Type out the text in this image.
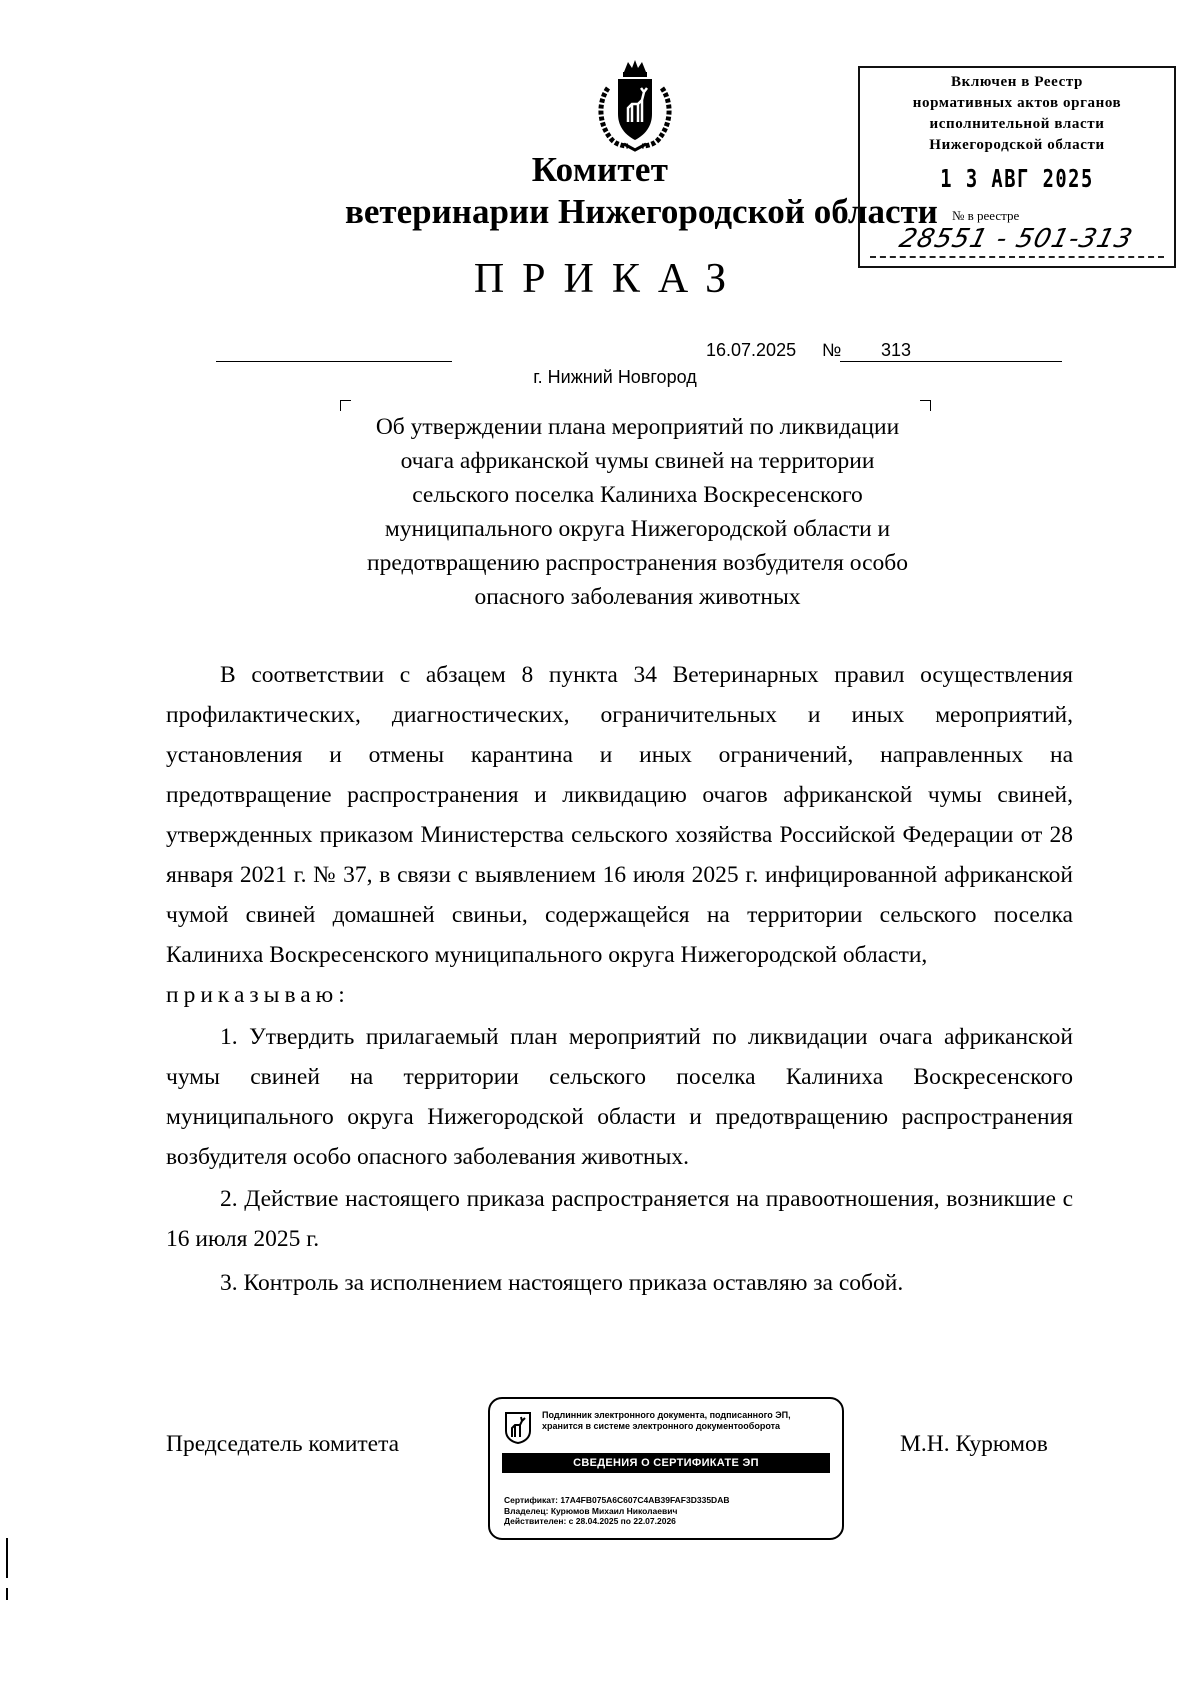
Комитет
ветеринарии Нижегородской области
ПРИКАЗ
Включен в Реестр
нормативных актов органов
исполнительной власти
Нижегородской области
1 3 АВГ 2025
№ в реестре
28551 - 501-313
16.07.2025 № 313
г. Нижний Новгород
Об утверждении плана мероприятий по ликвидации очага африканской чумы свиней на территории сельского поселка Калиниха Воскресенского муниципального округа Нижегородской области и предотвращению распространения возбудителя особо опасного заболевания животных

В соответствии с абзацем 8 пункта 34 Ветеринарных правил осуществления профилактических, диагностических, ограничительных и иных мероприятий, установления и отмены карантина и иных ограничений, направленных на предотвращение распространения и ликвидацию очагов африканской чумы свиней, утвержденных приказом Министерства сельского хозяйства Российской Федерации от 28 января 2021 г. № 37, в связи с выявлением 16 июля 2025 г. инфицированной африканской чумой свиней домашней свиньи, содержащейся на территории сельского поселка Калиниха Воскресенского муниципального округа Нижегородской области,

приказываю:

1. Утвердить прилагаемый план мероприятий по ликвидации очага африканской чумы свиней на территории сельского поселка Калиниха Воскресенского муниципального округа Нижегородской области и предотвращению распространения возбудителя особо опасного заболевания животных.

2. Действие настоящего приказа распространяется на правоотношения, возникшие с 16 июля 2025 г.

3. Контроль за исполнением настоящего приказа оставляю за собой.

Председатель комитета	М.Н. Курюмов
Подлинник электронного документа, подписанного ЭП,
хранится в системе электронного документооборота
СВЕДЕНИЯ О СЕРТИФИКАТЕ ЭП
Сертификат: 17A4FB075A6C607C4AB39FAF3D335DAB
Владелец: Курюмов Михаил Николаевич
Действителен: с 28.04.2025 по 22.07.2026
